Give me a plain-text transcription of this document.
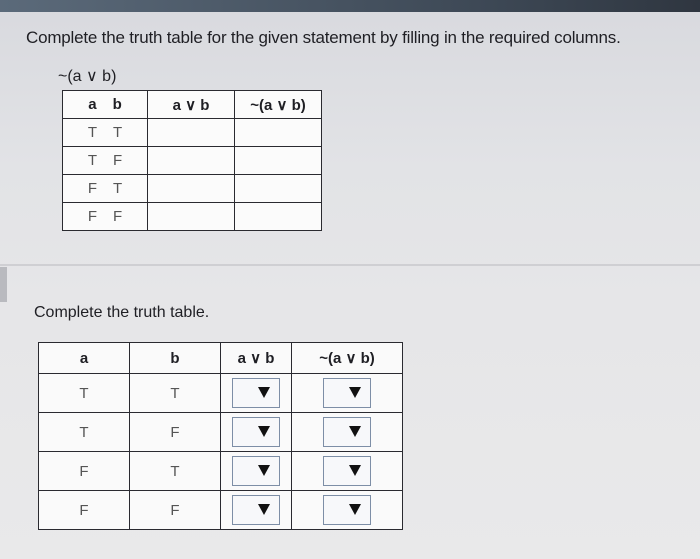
Complete the truth table for the given statement by filling in the required columns.
~(a ∨ b)
a b	a ∨ b	~(a ∨ b)

T T		

T F		

F T		

F F		

Complete the truth table.
a	b	a ∨ b	~(a ∨ b)
T	T	

T	F	

F	T	

F	F	
